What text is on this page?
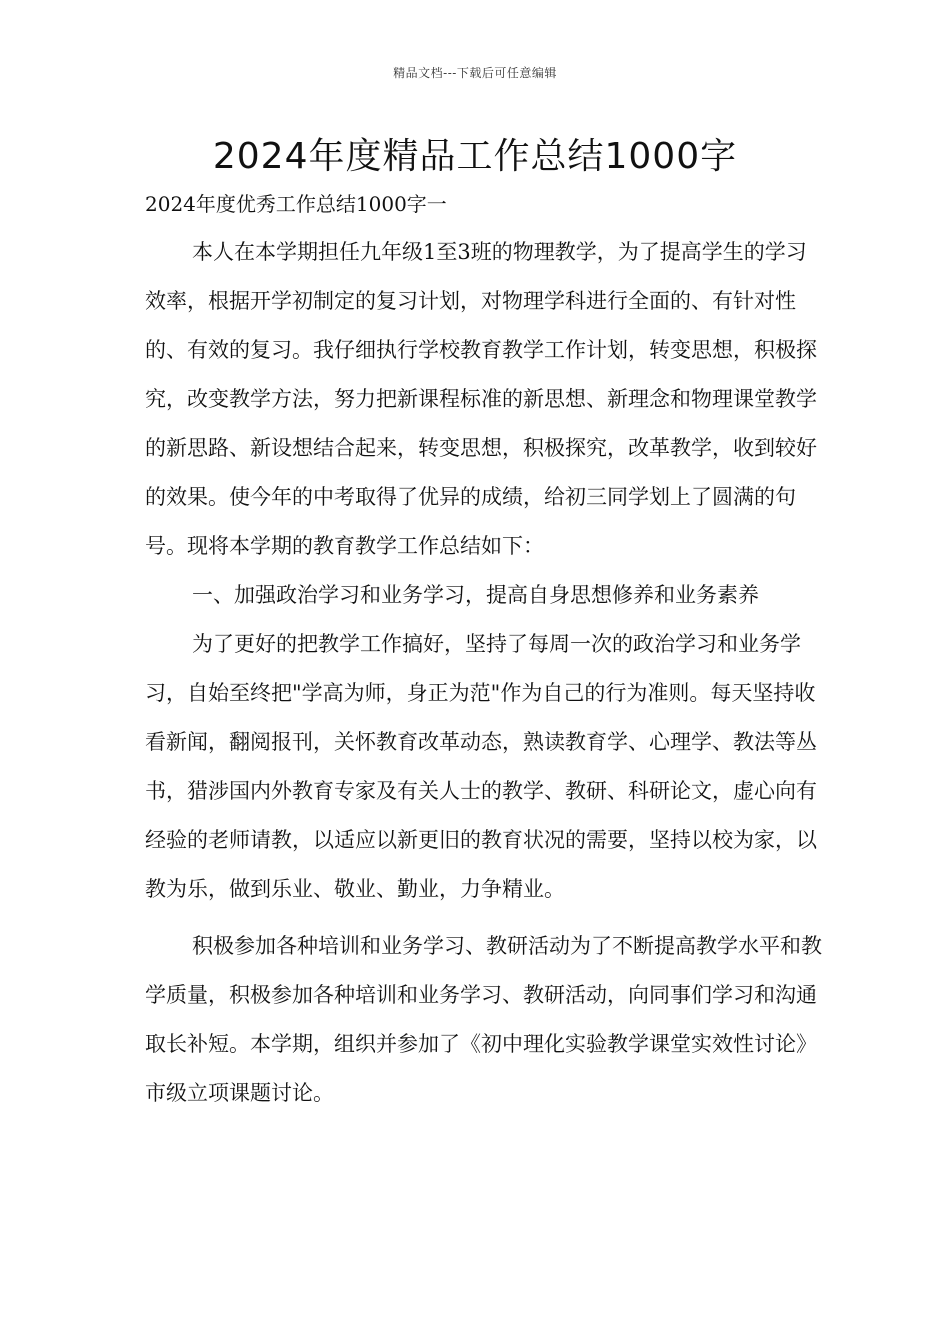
精品文档---下载后可任意编辑
2024年度精品工作总结1000字

2024年度优秀工作总结1000字一

本人在本学期担任九年级1至3班的物理教学，为了提高学生的学习效率，根据开学初制定的复习计划，对物理学科进行全面的、有针对性的、有效的复习。我仔细执行学校教育教学工作计划，转变思想，积极探究，改变教学方法，努力把新课程标准的新思想、新理念和物理课堂教学的新思路、新设想结合起来，转变思想，积极探究，改革教学，收到较好的效果。使今年的中考取得了优异的成绩，给初三同学划上了圆满的句号。现将本学期的教育教学工作总结如下：

一、加强政治学习和业务学习，提高自身思想修养和业务素养

为了更好的把教学工作搞好，坚持了每周一次的政治学习和业务学习，自始至终把"学高为师，身正为范"作为自己的行为准则。每天坚持收看新闻，翻阅报刊，关怀教育改革动态，熟读教育学、心理学、教法等丛书，猎涉国内外教育专家及有关人士的教学、教研、科研论文，虚心向有经验的老师请教，以适应以新更旧的教育状况的需要，坚持以校为家，以教为乐，做到乐业、敬业、勤业，力争精业。

积极参加各种培训和业务学习、教研活动为了不断提高教学水平和教学质量，积极参加各种培训和业务学习、教研活动，向同事们学习和沟通取长补短。本学期，组织并参加了《初中理化实验教学课堂实效性讨论》市级立项课题讨论。
